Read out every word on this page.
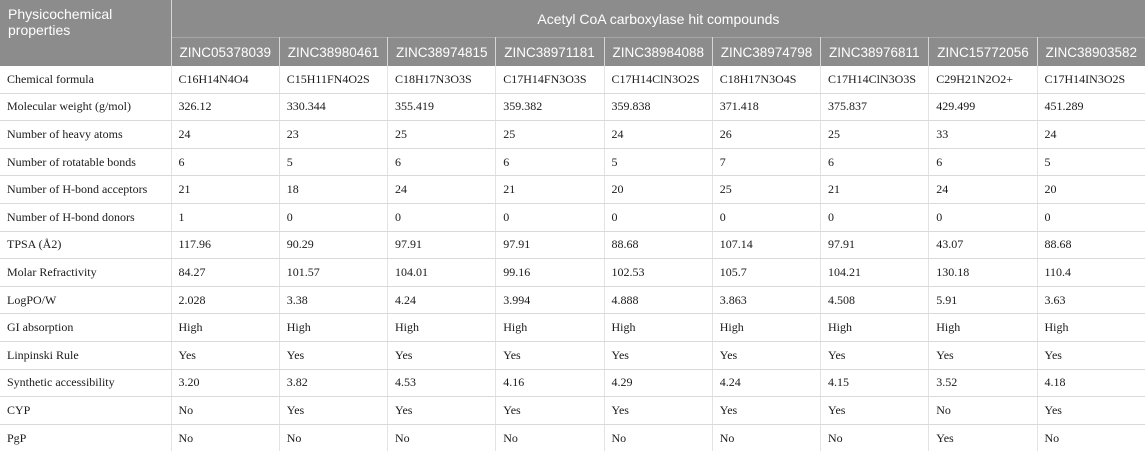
Physicochemical properties	Acetyl CoA carboxylase hit compounds								
	ZINC05378039	ZINC38980461	ZINC38974815	ZINC38971181	ZINC38984088	ZINC38974798	ZINC38976811	ZINC15772056	ZINC38903582
Chemical formula	C16H14N4O4	C15H11FN4O2S	C18H17N3O3S	C17H14FN3O3S	C17H14ClN3O2S	C18H17N3O4S	C17H14ClN3O3S	C29H21N2O2+	C17H14IN3O2S
Molecular weight (g/mol)	326.12	330.344	355.419	359.382	359.838	371.418	375.837	429.499	451.289
Number of heavy atoms	24	23	25	25	24	26	25	33	24
Number of rotatable bonds	6	5	6	6	5	7	6	6	5
Number of H-bond acceptors	21	18	24	21	20	25	21	24	20
Number of H-bond donors	1	0	0	0	0	0	0	0	0
TPSA (Å2)	117.96	90.29	97.91	97.91	88.68	107.14	97.91	43.07	88.68
Molar Refractivity	84.27	101.57	104.01	99.16	102.53	105.7	104.21	130.18	110.4
LogPO/W	2.028	3.38	4.24	3.994	4.888	3.863	4.508	5.91	3.63
GI absorption	High	High	High	High	High	High	High	High	High
Linpinski Rule	Yes	Yes	Yes	Yes	Yes	Yes	Yes	Yes	Yes
Synthetic accessibility	3.20	3.82	4.53	4.16	4.29	4.24	4.15	3.52	4.18
CYP	No	Yes	Yes	Yes	Yes	Yes	Yes	No	Yes
PgP	No	No	No	No	No	No	No	Yes	No
